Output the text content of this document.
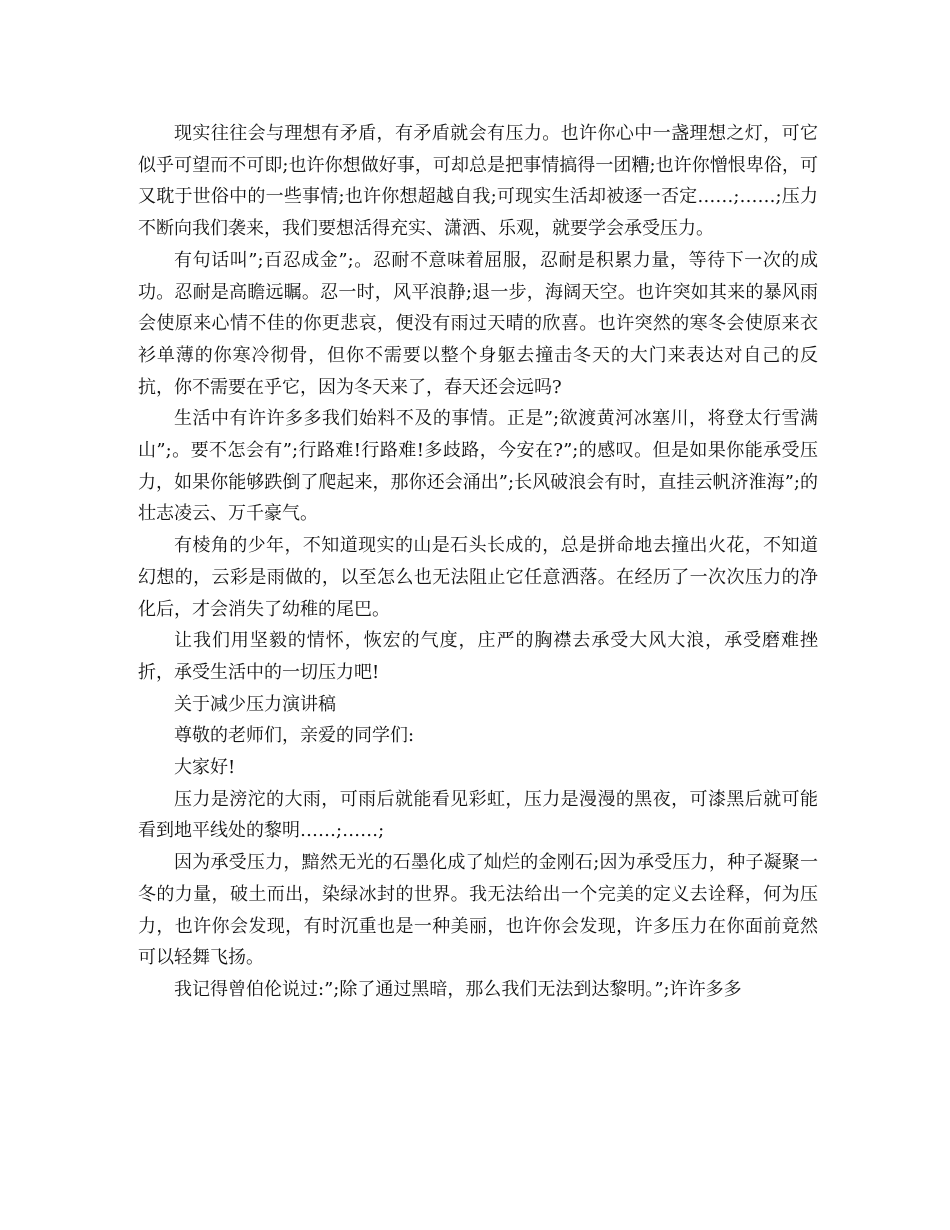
现实往往会与理想有矛盾，有矛盾就会有压力。也许你心中一盏理想之灯，可它似乎可望而不可即;也许你想做好事，可却总是把事情搞得一团糟;也许你憎恨卑俗，可又耽于世俗中的一些事情;也许你想超越自我;可现实生活却被逐一否定……;……;压力不断向我们袭来，我们要想活得充实、潇洒、乐观，就要学会承受压力。

有句话叫”;百忍成金”;。忍耐不意味着屈服，忍耐是积累力量，等待下一次的成功。忍耐是高瞻远瞩。忍一时，风平浪静;退一步，海阔天空。也许突如其来的暴风雨会使原来心情不佳的你更悲哀，便没有雨过天晴的欣喜。也许突然的寒冬会使原来衣衫单薄的你寒冷彻骨，但你不需要以整个身躯去撞击冬天的大门来表达对自己的反抗，你不需要在乎它，因为冬天来了，春天还会远吗?

生活中有许许多多我们始料不及的事情。正是”;欲渡黄河冰塞川，将登太行雪满山”;。要不怎会有”;行路难!行路难!多歧路，今安在?”;的感叹。但是如果你能承受压力，如果你能够跌倒了爬起来，那你还会涌出”;长风破浪会有时，直挂云帆济淮海”;的壮志凌云、万千豪气。

有棱角的少年，不知道现实的山是石头长成的，总是拼命地去撞出火花，不知道幻想的，云彩是雨做的，以至怎么也无法阻止它任意洒落。在经历了一次次压力的净化后，才会消失了幼稚的尾巴。

让我们用坚毅的情怀，恢宏的气度，庄严的胸襟去承受大风大浪，承受磨难挫折，承受生活中的一切压力吧!

关于减少压力演讲稿

尊敬的老师们，亲爱的同学们:

大家好!

压力是滂沱的大雨，可雨后就能看见彩虹，压力是漫漫的黑夜，可漆黑后就可能看到地平线处的黎明……;……;

因为承受压力，黯然无光的石墨化成了灿烂的金刚石;因为承受压力，种子凝聚一冬的力量，破土而出，染绿冰封的世界。我无法给出一个完美的定义去诠释，何为压力，也许你会发现，有时沉重也是一种美丽，也许你会发现，许多压力在你面前竟然可以轻舞飞扬。

我记得曾伯伦说过:”;除了通过黑暗，那么我们无法到达黎明。”;许许多多
